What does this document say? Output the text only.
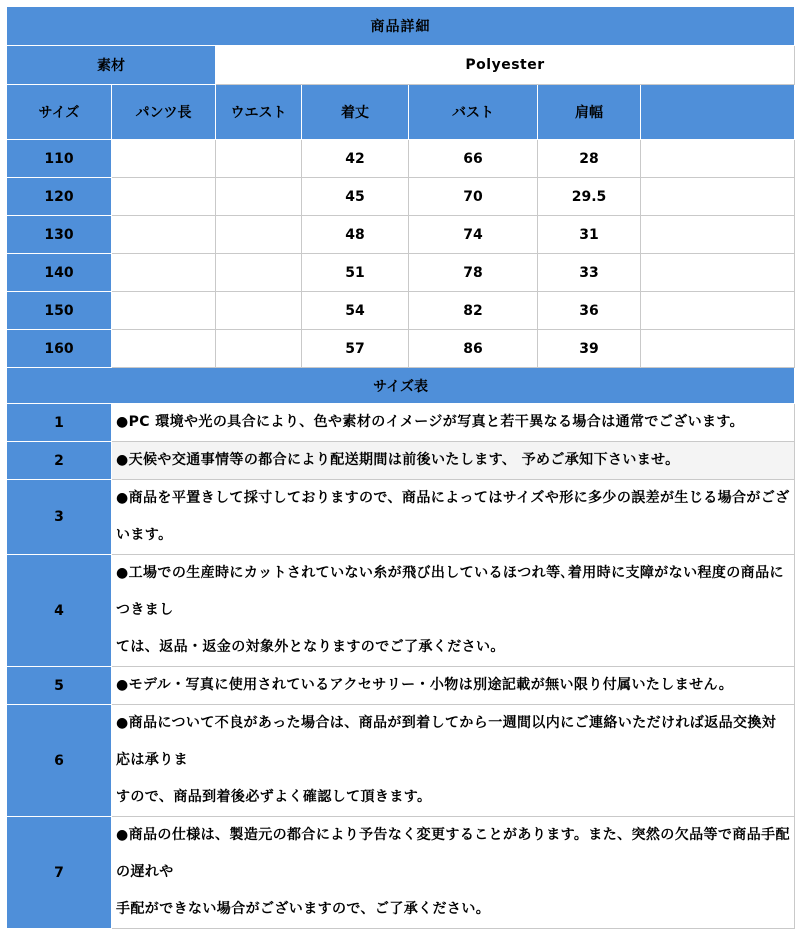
商品詳細						
素材		Polyester				
サイズ	パンツ長	ウエスト	着丈	バスト	肩幅	
110			42	66	28	
120			45	70	29.5	
130			48	74	31	
140			51	78	33	
150			54	82	36	
160			57	86	39	
サイズ表						
1	●PC 環境や光の具合により、色や素材のイメージが写真と若干異なる場合は通常でございます。					
2	●天候や交通事情等の都合により配送期間は前後いたします、 予めご承知下さいませ。					
3	●商品を平置きして採寸しておりますので、商品によってはサイズや形に多少の誤差が生じる場合がございます。					
4	●工場での生産時にカットされていない糸が飛び出しているほつれ等､着用時に支障がない程度の商品につきまし
ては、返品・返金の対象外となりますのでご了承ください。					
5	●モデル・写真に使用されているアクセサリー・小物は別途記載が無い限り付属いたしません。					
6	●商品について不良があった場合は、商品が到着してから一週間以内にご連絡いただければ返品交換対応は承りま
すので、商品到着後必ずよく確認して頂きます。					
7	●商品の仕様は、製造元の都合により予告なく変更することがあります。また、突然の欠品等で商品手配の遅れや
手配ができない場合がございますので、ご了承ください。					
